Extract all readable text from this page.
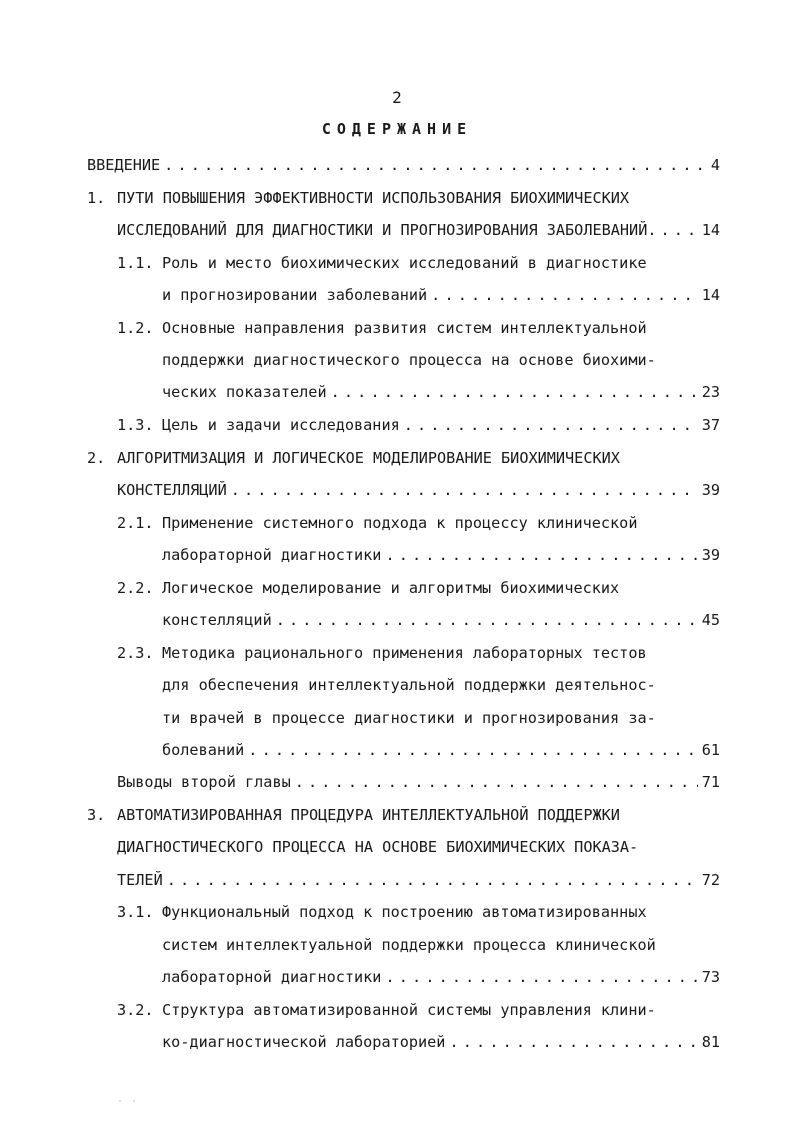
2
СОДЕРЖАНИЕ
ВВЕДЕНИЕ . . .	4
1. ПУТИ ПОВЫШЕНИЯ ЭФФЕКТИВНОСТИ ИСПОЛЬЗОВАНИЯ БИОХИМИЧЕСКИХ
ИССЛЕДОВАНИЙ ДЛЯ ДИАГНОСТИКИ И ПРОГНОЗИРОВАНИЯ ЗАБОЛЕВАНИЙ. . . .	14
1.1. Роль и место биохимических исследований в диагностике
и прогнозировании заболеваний . . .	14
1.2. Основные направления развития систем интеллектуальной
поддержки диагностического процесса на основе биохими-
ческих показателей . . .	23
1.3. Цель и задачи исследования . . .	37
2. АЛГОРИТМИЗАЦИЯ И ЛОГИЧЕСКОЕ МОДЕЛИРОВАНИЕ БИОХИМИЧЕСКИХ
КОНСТЕЛЛЯЦИЙ . . .	39
2.1. Применение системного подхода к процессу клинической
лабораторной диагностики . . .	39
2.2. Логическое моделирование и алгоритмы биохимических
констелляций . . .	45
2.3. Методика рационального применения лабораторных тестов
для обеспечения интеллектуальной поддержки деятельнос-
ти врачей в процессе диагностики и прогнозирования за-
болеваний . . .	61
Выводы второй главы . . .	71
3. АВТОМАТИЗИРОВАННАЯ ПРОЦЕДУРА ИНТЕЛЛЕКТУАЛЬНОЙ ПОДДЕРЖКИ
ДИАГНОСТИЧЕСКОГО ПРОЦЕССА НА ОСНОВЕ БИОХИМИЧЕСКИХ ПОКАЗА-
ТЕЛЕЙ . . .	72
3.1. Функциональный подход к построению автоматизированных
систем интеллектуальной поддержки процесса клинической
лабораторной диагностики . . .	73
3.2. Структура автоматизированной системы управления клини-
ко-диагностической лабораторией . . .	81
